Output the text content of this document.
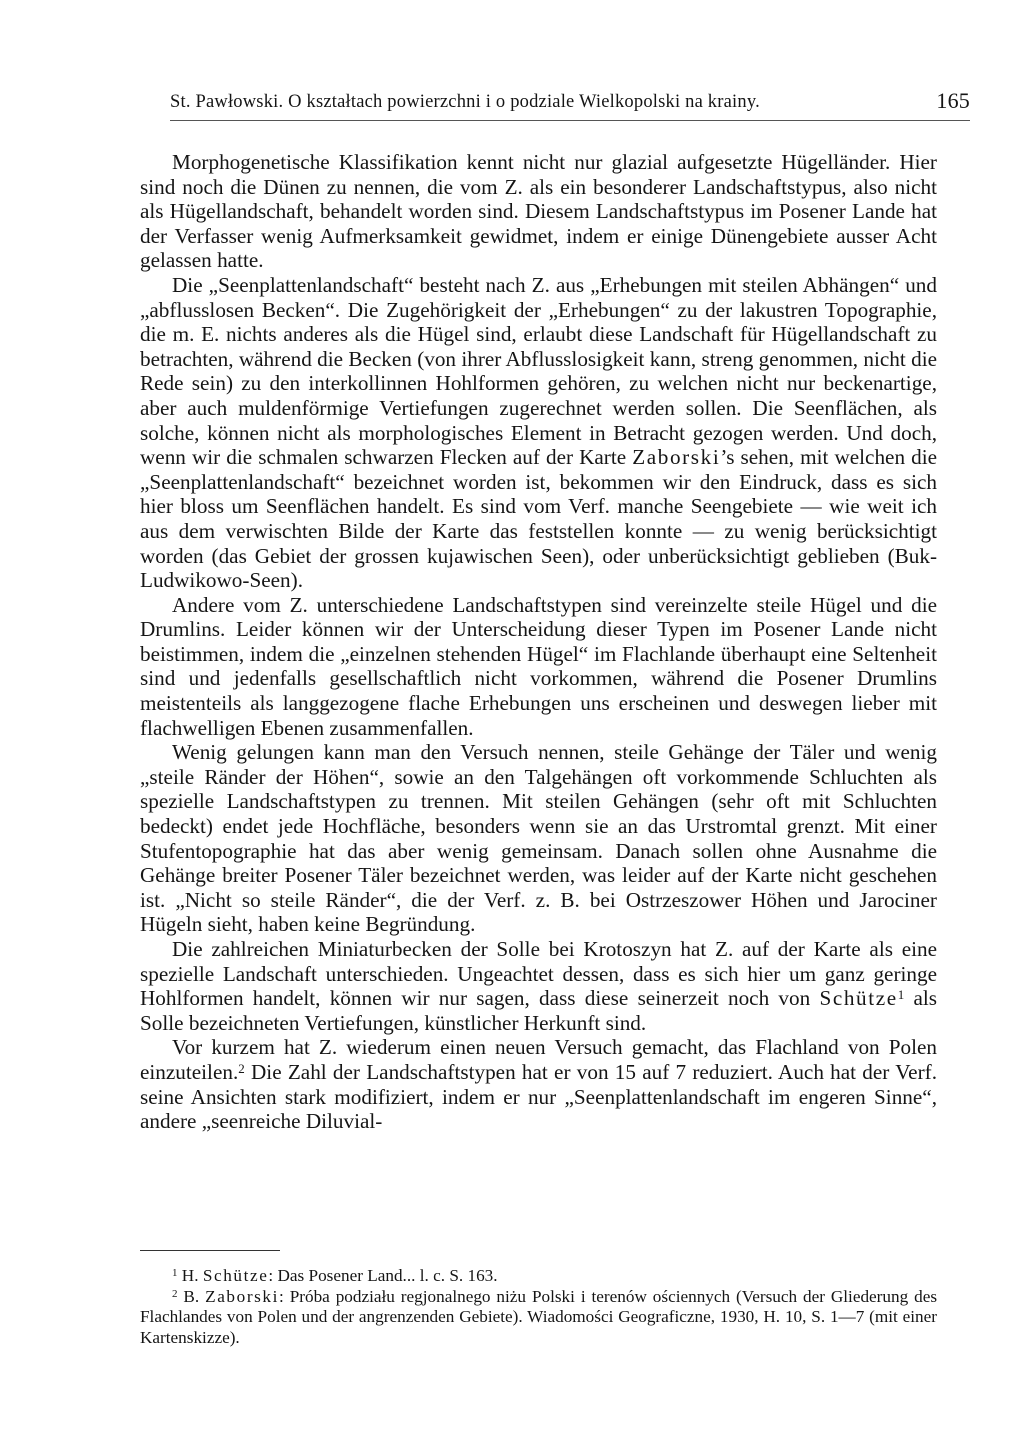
St. Pawłowski. O kształtach powierzchni i o podziale Wielkopolski na krainy.	165

Morphogenetische Klassifikation kennt nicht nur glazial aufgesetzte Hügelländer. Hier sind noch die Dünen zu nennen, die vom Z. als ein besonderer Landschaftstypus, also nicht als Hügellandschaft, behandelt worden sind. Diesem Landschaftstypus im Posener Lande hat der Verfasser wenig Aufmerksamkeit gewidmet, indem er einige Dünengebiete ausser Acht gelassen hatte.

Die „Seenplattenlandschaft“ besteht nach Z. aus „Erhebungen mit steilen Abhängen“ und „abflusslosen Becken“. Die Zugehörigkeit der „Erhebungen“ zu der lakustren Topographie, die m. E. nichts anderes als die Hügel sind, erlaubt diese Landschaft für Hügellandschaft zu betrachten, während die Becken (von ihrer Abflusslosigkeit kann, streng genommen, nicht die Rede sein) zu den interkollinnen Hohlformen gehören, zu welchen nicht nur beckenartige, aber auch muldenförmige Vertiefungen zugerechnet werden sollen. Die Seenflächen, als solche, können nicht als morphologisches Element in Betracht gezogen werden. Und doch, wenn wir die schmalen schwarzen Flecken auf der Karte Zaborski’s sehen, mit welchen die „Seenplattenlandschaft“ bezeichnet worden ist, bekommen wir den Eindruck, dass es sich hier bloss um Seenflächen handelt. Es sind vom Verf. manche Seengebiete — wie weit ich aus dem verwischten Bilde der Karte das feststellen konnte — zu wenig berücksichtigt worden (das Gebiet der grossen kujawischen Seen), oder unberücksichtigt geblieben (Buk-Ludwikowo-Seen).

Andere vom Z. unterschiedene Landschaftstypen sind vereinzelte steile Hügel und die Drumlins. Leider können wir der Unterscheidung dieser Typen im Posener Lande nicht beistimmen, indem die „einzelnen stehenden Hügel“ im Flachlande überhaupt eine Seltenheit sind und jedenfalls gesellschaftlich nicht vorkommen, während die Posener Drumlins meistenteils als langgezogene flache Erhebungen uns erscheinen und deswegen lieber mit flachwelligen Ebenen zusammenfallen.

Wenig gelungen kann man den Versuch nennen, steile Gehänge der Täler und wenig „steile Ränder der Höhen“, sowie an den Talgehängen oft vorkommende Schluchten als spezielle Landschaftstypen zu trennen. Mit steilen Gehängen (sehr oft mit Schluchten bedeckt) endet jede Hochfläche, besonders wenn sie an das Urstromtal grenzt. Mit einer Stufentopographie hat das aber wenig gemeinsam. Danach sollen ohne Ausnahme die Gehänge breiter Posener Täler bezeichnet werden, was leider auf der Karte nicht geschehen ist. „Nicht so steile Ränder“, die der Verf. z. B. bei Ostrzeszower Höhen und Jarociner Hügeln sieht, haben keine Begründung.

Die zahlreichen Miniaturbecken der Solle bei Krotoszyn hat Z. auf der Karte als eine spezielle Landschaft unterschieden. Ungeachtet dessen, dass es sich hier um ganz geringe Hohlformen handelt, können wir nur sagen, dass diese seinerzeit noch von Schütze$^1$ als Solle bezeichneten Vertiefungen, künstlicher Herkunft sind.

Vor kurzem hat Z. wiederum einen neuen Versuch gemacht, das Flachland von Polen einzuteilen.$^2$ Die Zahl der Landschaftstypen hat er von 15 auf 7 reduziert. Auch hat der Verf. seine Ansichten stark modifiziert, indem er nur „Seenplattenlandschaft im engeren Sinne“, andere „seenreiche Diluvial-

$^1$ H. Schütze: Das Posener Land... l. c. S. 163.

$^2$ B. Zaborski: Próba podziału regjonalnego niżu Polski i terenów ościennych (Versuch der Gliederung des Flachlandes von Polen und der angrenzenden Gebiete). Wiadomości Geograficzne, 1930, H. 10, S. 1—7 (mit einer Kartenskizze).
